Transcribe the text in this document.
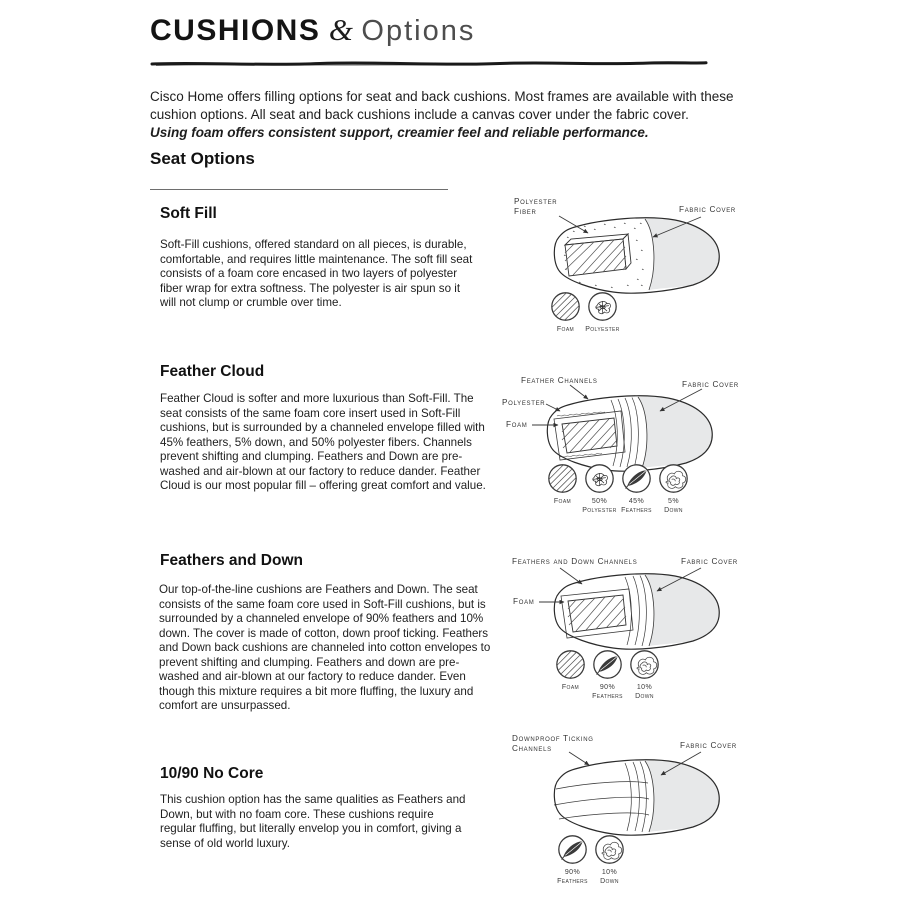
CUSHIONS & Options
Cisco Home offers filling options for seat and back cushions. Most frames are available with these cushion options. All seat and back cushions include a canvas cover under the fabric cover.
Using foam offers consistent support, creamier feel and reliable performance.
Seat Options
Soft Fill
Soft-Fill cushions, offered standard on all pieces, is durable, comfortable, and requires little maintenance. The soft fill seat consists of a foam core encased in two layers of polyester fiber wrap for extra softness. The polyester is air spun so it will not clump or crumble over time.
Polyester Fiber	Fabric Cover
Foam Polyester
Feather Cloud
Feather Cloud is softer and more luxurious than Soft-Fill. The seat consists of the same foam core insert used in Soft-Fill cushions, but is surrounded by a channeled envelope filled with 45% feathers, 5% down, and 50% polyester fibers. Channels prevent shifting and clumping. Feathers and Down are pre-washed and air-blown at our factory to reduce dander. Feather Cloud is our most popular fill – offering great comfort and value.
Feather Channels	Fabric Cover
Polyester
Foam
Foam	50%
Polyester
45%
Feathers
5%
Down
Feathers and Down
Our top-of-the-line cushions are Feathers and Down. The seat consists of the same foam core used in Soft-Fill cushions, but is surrounded by a channeled envelope of 90% feathers and 10% down. The cover is made of cotton, down proof ticking. Feathers and Down back cushions are channeled into cotton envelopes to prevent shifting and clumping. Feathers and down are pre-washed and air-blown at our factory to reduce dander. Even though this mixture requires a bit more fluffing, the luxury and comfort are unsurpassed.
Feathers and Down Channels	Fabric Cover
Foam
Foam	90%
Feathers
10%
Down
10/90 No Core
This cushion option has the same qualities as Feathers and Down, but with no foam core. These cushions require regular fluffing, but literally envelop you in comfort, giving a sense of old world luxury.
Downproof Ticking Channels	Fabric Cover
90%
Feathers
10%
Down
